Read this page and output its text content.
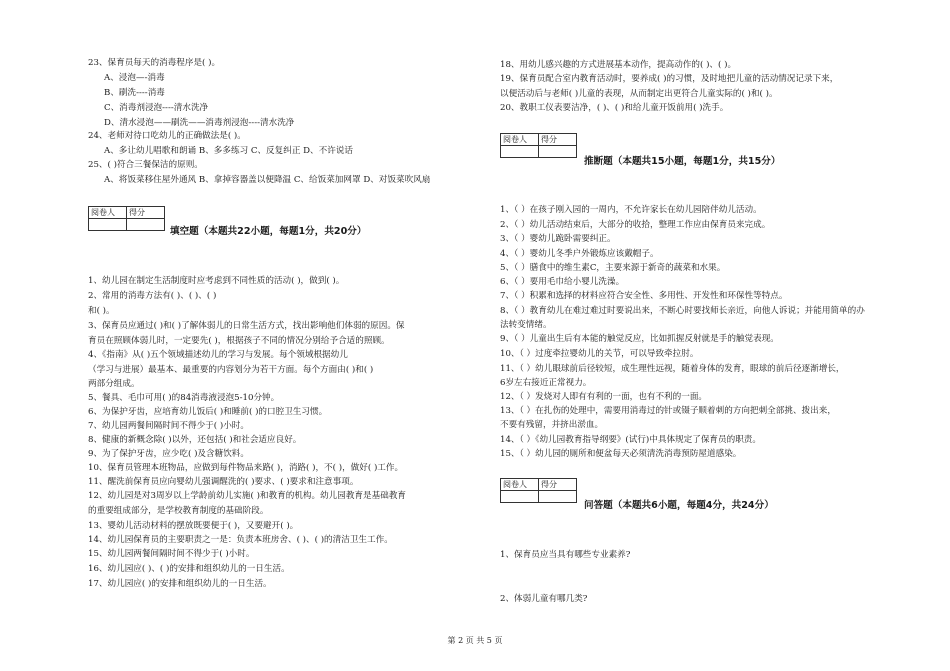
23、保育员每天的消毒程序是( )。
A、浸泡—-消毒
B、刷洗----消毒
C、消毒剂浸泡----清水洗净
D、清水浸泡——刷洗——消毒剂浸泡----清水洗净
24、老师对待口吃幼儿的正确做法是( )。
A、多让幼儿唱歌和朗诵 B、多多练习 C、反复纠正 D、不许说话
25、( )符合三餐保洁的原则。
A、将饭菜移住屋外通风 B、拿掉容器盖以便降温 C、给饭菜加网罩 D、对饭菜吹风扇
阅卷人	得分

填空题（本题共22小题，每题1分，共20分）
1、幼儿园在制定生活制度时应考虑到不同性质的活动( )，做到( )。
2、常用的消毒方法有( )、( )、( )
和( )。
3、保育员应通过( )和( )了解体弱儿的日常生活方式，找出影响他们体弱的原因。保
育员在照顾体弱儿时，一定要先( )，根据孩子不同的情况分别给予合适的照顾。
4、《指南》从( )五个领域描述幼儿的学习与发展。每个领域根据幼儿
（学习与进展）最基本、最重要的内容划分为若干方面。每个方面由( )和( )
两部分组成。
5、餐具、毛巾可用( )的84消毒液浸泡5-10分钟。
6、为保护牙齿，应培育幼儿饭后( )和睡前( )的口腔卫生习惯。
7、幼儿园两餐间隔时间不得少于( )小时。
8、健康的新概念除( )以外，还包括( )和社会适应良好。
9、为了保护牙齿，应少吃( )及含糖饮料。
10、保育员管理本班物品，应做到每件物品来路( )，消路( )，不( )，做好( )工作。
11、醒洗前保育员应向婴幼儿强调醒洗的( )要求、( )要求和注意事项。
12、幼儿园是对3周岁以上学龄前幼儿实施( )和教育的机构。幼儿园教育是基础教育
的重要组成部分，是学校教育制度的基础阶段。
13、婴幼儿活动材料的摆放既要便于( )，又要避开( )。
14、幼儿园保育员的主要职责之一是：负责本班房舍、( )、( )的清洁卫生工作。
15、幼儿园两餐间隔时间不得少于( )小时。
16、幼儿园应( )、( )的安排和组织幼儿的一日生活。
17、幼儿园应( )的安排和组织幼儿的一日生活。
18、用幼儿感兴趣的方式进展基本动作，提高动作的( )、( )。
19、保育员配合室内教育活动时，要养成( )的习惯，及时地把儿童的活动情况记录下来，
以便活动后与老师( )儿童的表现，从而制定出更符合儿童实际的( )和( )。
20、教职工仪表要洁净，( )、( )和给儿童开饭前用( )洗手。
阅卷人	得分

推断题（本题共15小题，每题1分，共15分）
1、（ ）在孩子刚入园的一周内，不允许家长在幼儿园陪伴幼儿活动。
2、（ ）幼儿活动结束后，大部分的收拾，整理工作应由保育员来完成。
3、（ ）婴幼儿跪卧需要纠正。
4、（ ）婴幼儿冬季户外锻炼应该戴帽子。
5、（ ）膳食中的维生素C，主要来源于新奇的蔬菜和水果。
6、（ ）要用毛巾给小婴儿洗澡。
7、（ ）积累和选择的材料应符合安全性、多用性、开发性和环保性等特点。
8、（ ）教育幼儿在难过难过时要说出来，不断心时要找师长亲近，向他人诉说；并能用简单的办
法转变情绪。
9、（ ）儿童出生后有本能的触觉反应，比如抓握反射就是手的触觉表现。
10、（ ）过度牵拉婴幼儿的关节，可以导致牵拉肘。
11、（ ）幼儿眼球前后径较短，成生理性远视，随着身体的发育，眼球的前后径逐渐增长，
6岁左右接近正常视力。
12、（ ）发烧对人即有有利的一面，也有不利的一面。
13、（ ）在扎伤的处理中，需要用消毒过的针或镊子顺着刺的方向把刺全部挑、拨出来，
不要有残留，并挤出淤血。
14、（ ）《幼儿园教育指导纲要》(试行)中具体规定了保育员的职责。
15、（ ）幼儿园的厕所和便盆每天必须清洗消毒预防屋道感染。
阅卷人	得分

问答题（本题共6小题，每题4分，共24分）
1、保育员应当具有哪些专业素养?
2、体弱儿童有哪几类?
第 2 页 共 5 页
